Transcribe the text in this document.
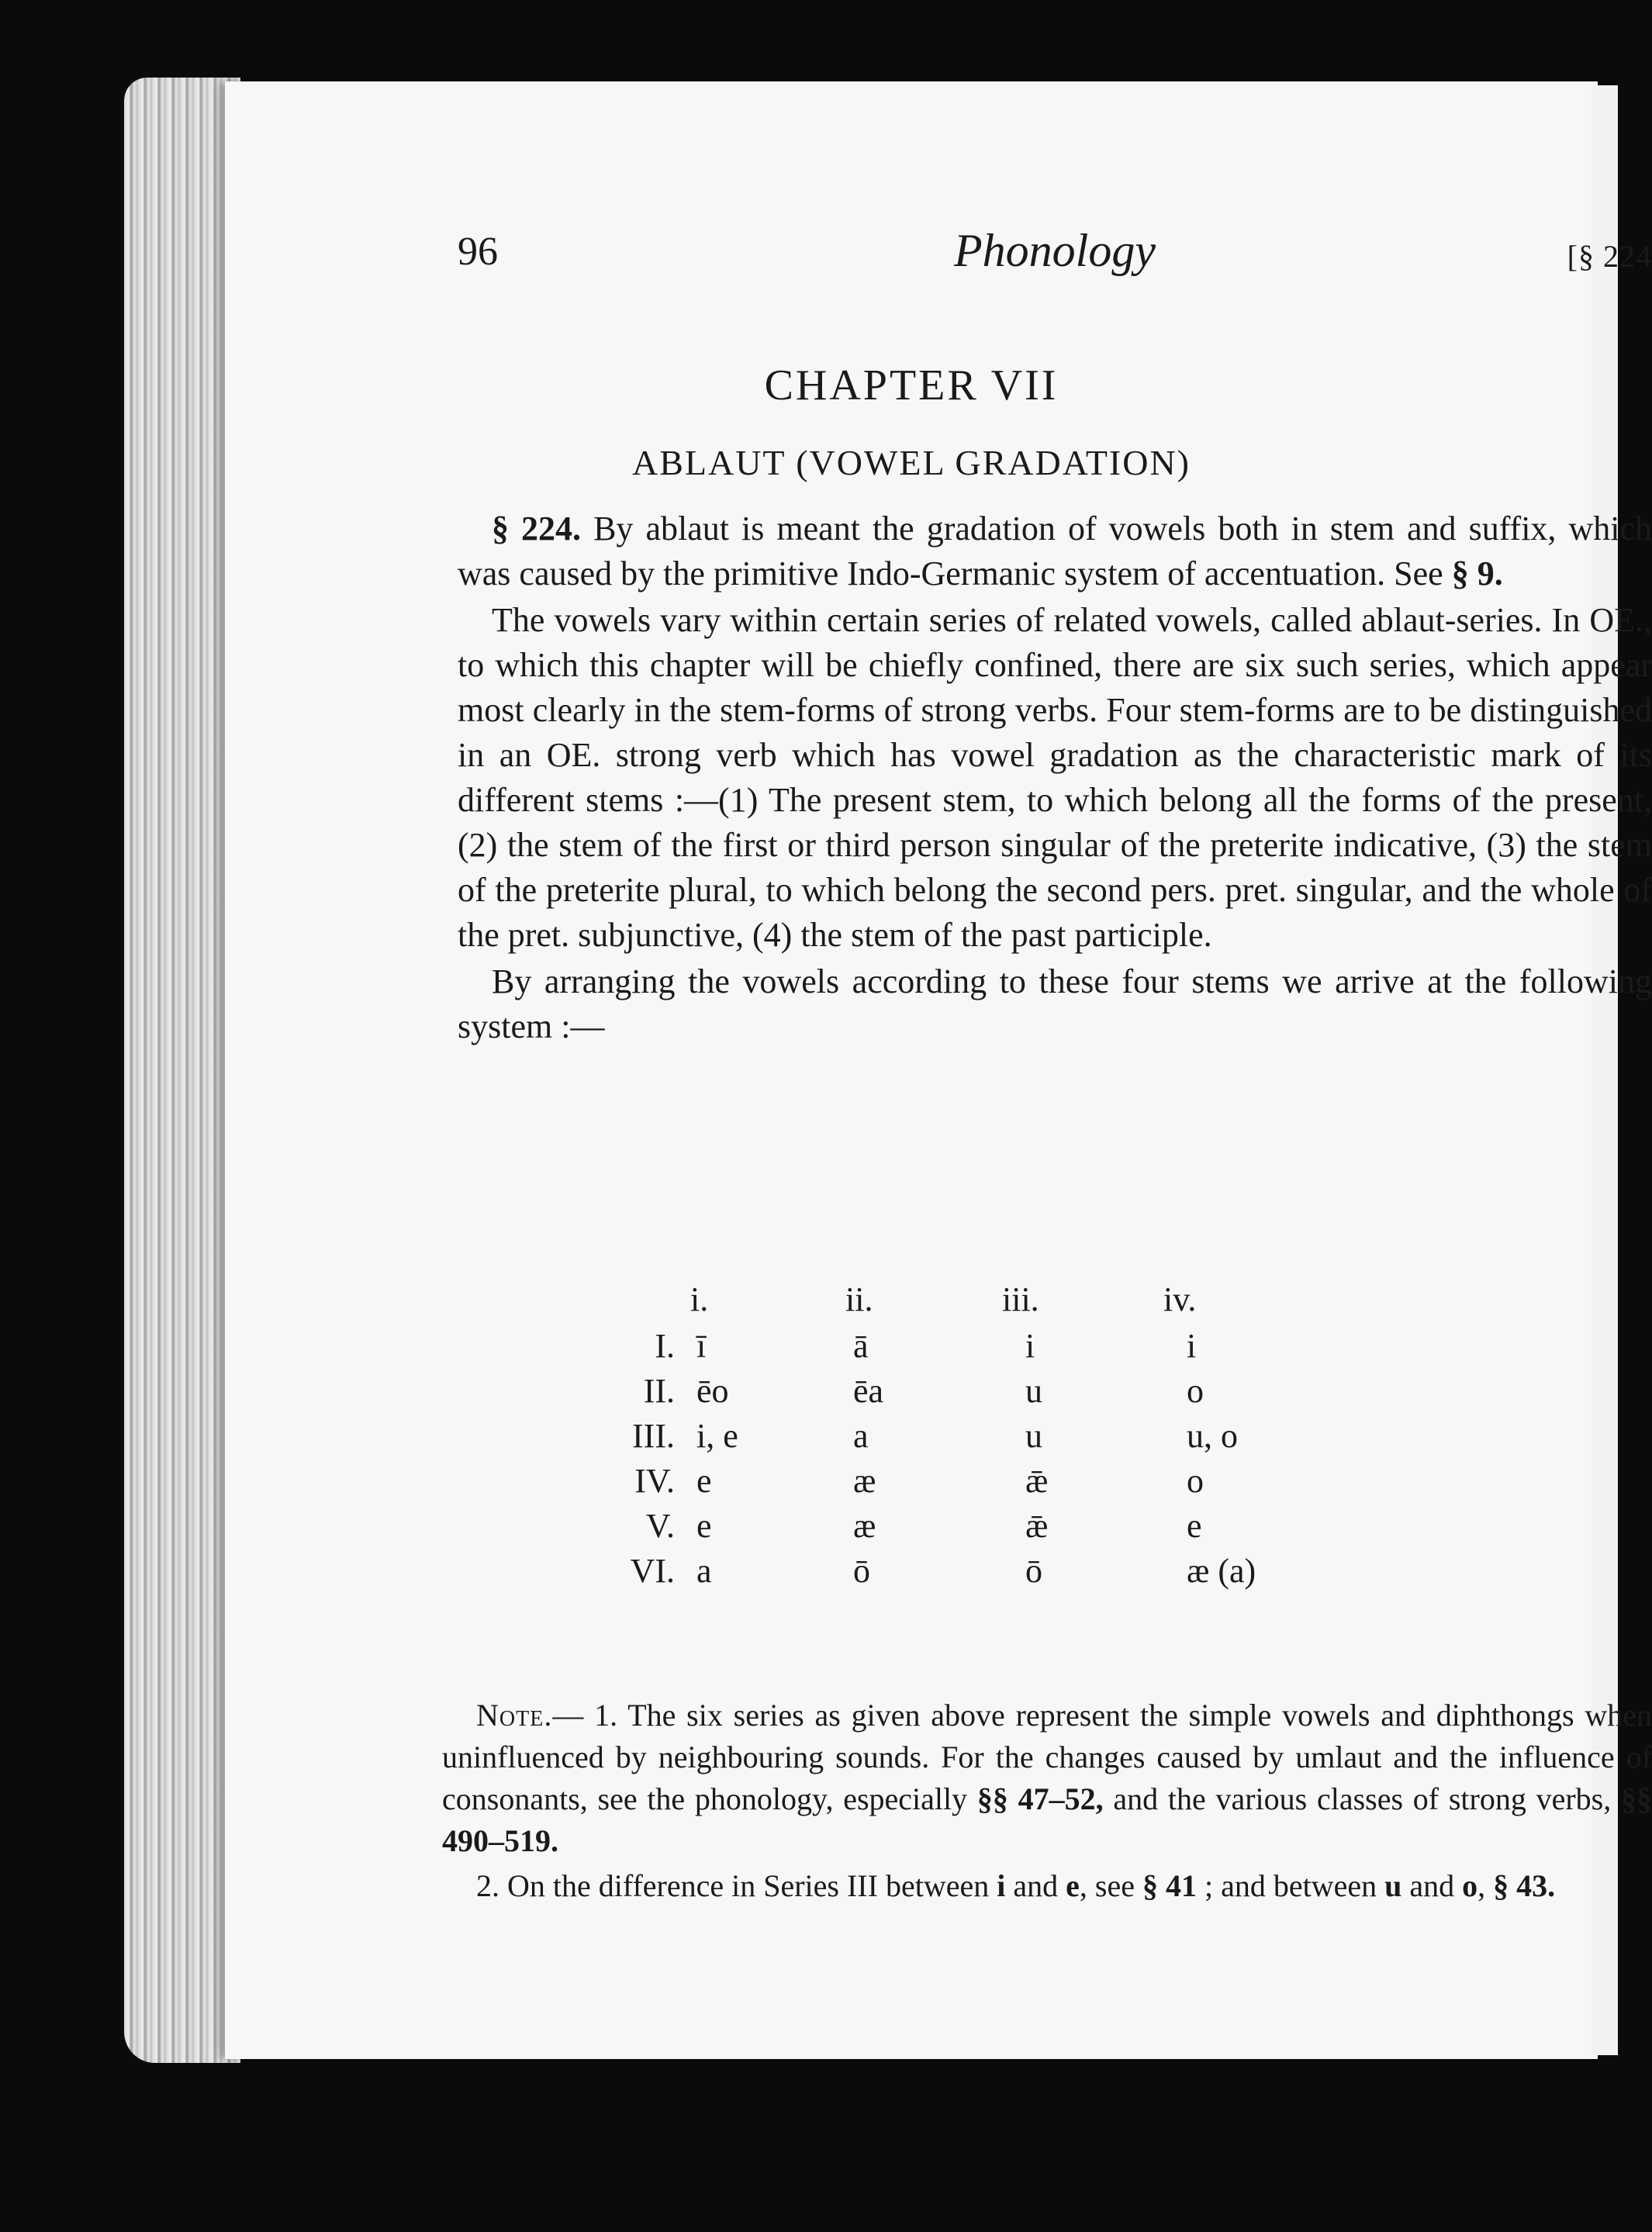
96	Phonology	[§ 224
CHAPTER VII
ABLAUT (VOWEL GRADATION)

§ 224. By ablaut is meant the gradation of vowels both in stem and suffix, which was caused by the primitive Indo-Germanic system of accentuation. See § 9.

The vowels vary within certain series of related vowels, called ablaut-series. In OE., to which this chapter will be chiefly confined, there are six such series, which appear most clearly in the stem-forms of strong verbs. Four stem-forms are to be distinguished in an OE. strong verb which has vowel gradation as the characteristic mark of its different stems :—(1) The present stem, to which belong all the forms of the present, (2) the stem of the first or third person singular of the preterite indicative, (3) the stem of the preterite plural, to which belong the second pers. pret. singular, and the whole of the pret. subjunctive, (4) the stem of the past participle.

By arranging the vowels according to these four stems we arrive at the following system :—

i.	ii.	iii.	iv.
I. ī	ā	i	i
II. ēo	ēa	u	o
III. i, e	a	u	u, o
IV. e	æ	ǣ	o
V. e	æ	ǣ	e
VI. a	ō	ō	æ (a)

Note.— 1. The six series as given above represent the simple vowels and diphthongs when uninfluenced by neighbouring sounds. For the changes caused by umlaut and the influence of consonants, see the phonology, especially §§ 47–52, and the various classes of strong verbs, §§ 490–519.

2. On the difference in Series III between i and e, see § 41 ; and between u and o, § 43.
